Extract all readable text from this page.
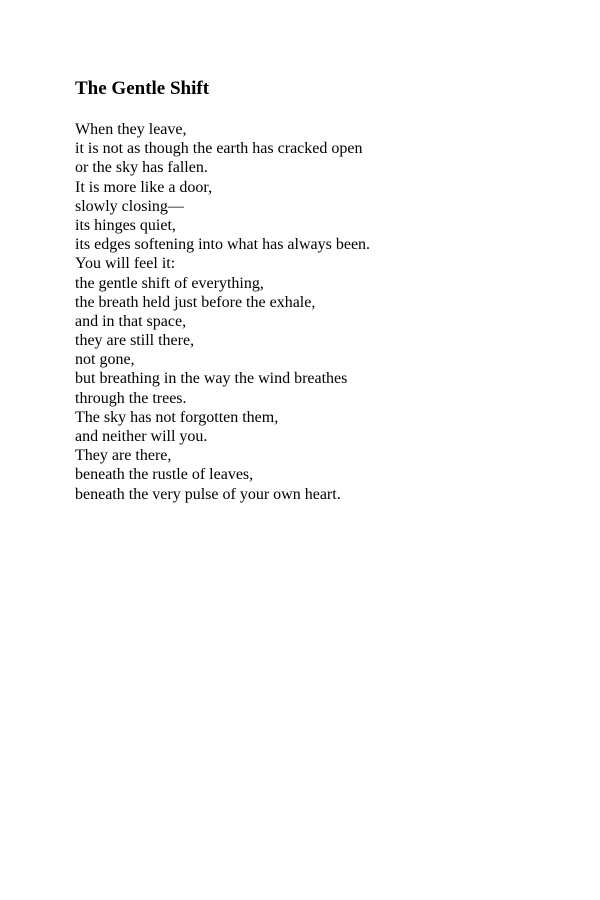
The Gentle Shift
When they leave,
it is not as though the earth has cracked open
or the sky has fallen.
It is more like a door,
slowly closing—
its hinges quiet,
its edges softening into what has always been.
You will feel it:
the gentle shift of everything,
the breath held just before the exhale,
and in that space,
they are still there,
not gone,
but breathing in the way the wind breathes
through the trees.
The sky has not forgotten them,
and neither will you.
They are there,
beneath the rustle of leaves,
beneath the very pulse of your own heart.
